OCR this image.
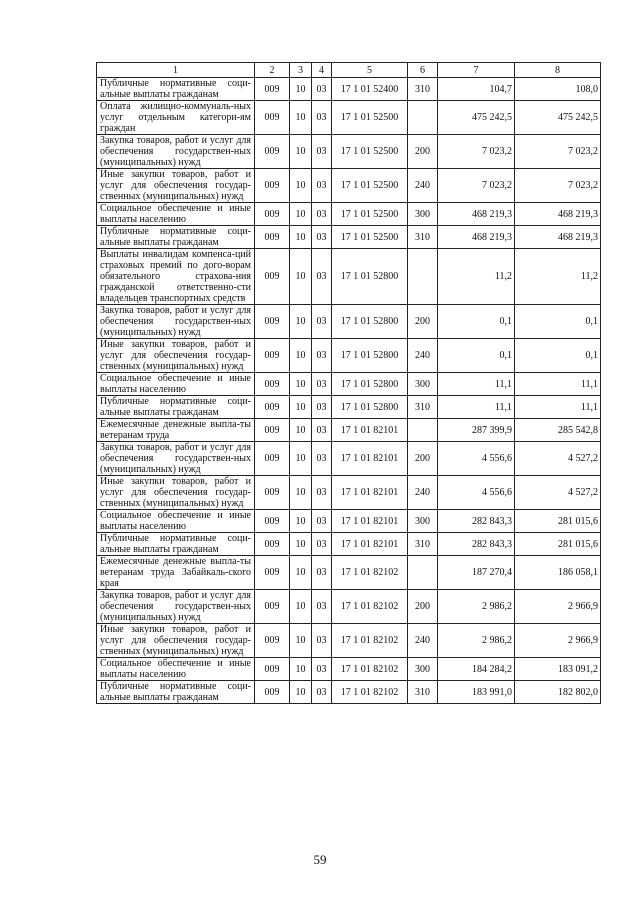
1	2	3	4	5	6	7	8
Публичные нормативные соци-альные выплаты гражданам	009	10	03	17 1 01 52400	310	104,7	108,0
Оплата жилищно-коммуналь-ных услуг отдельным категори-ям граждан	009	10	03	17 1 01 52500		475 242,5	475 242,5
Закупка товаров, работ и услуг для обеспечения государствен-ных (муниципальных) нужд	009	10	03	17 1 01 52500	200	7 023,2	7 023,2
Иные закупки товаров, работ и услуг для обеспечения государ-ственных (муниципальных) нужд	009	10	03	17 1 01 52500	240	7 023,2	7 023,2
Социальное обеспечение и иные выплаты населению	009	10	03	17 1 01 52500	300	468 219,3	468 219,3
Публичные нормативные соци-альные выплаты гражданам	009	10	03	17 1 01 52500	310	468 219,3	468 219,3
Выплаты инвалидам компенса-ций страховых премий по дого-ворам обязательного страхова-ния гражданской ответственно-сти владельцев транспортных средств	009	10	03	17 1 01 52800		11,2	11,2
Закупка товаров, работ и услуг для обеспечения государствен-ных (муниципальных) нужд	009	10	03	17 1 01 52800	200	0,1	0,1
Иные закупки товаров, работ и услуг для обеспечения государ-ственных (муниципальных) нужд	009	10	03	17 1 01 52800	240	0,1	0,1
Социальное обеспечение и иные выплаты населению	009	10	03	17 1 01 52800	300	11,1	11,1
Публичные нормативные соци-альные выплаты гражданам	009	10	03	17 1 01 52800	310	11,1	11,1
Ежемесячные денежные выпла-ты ветеранам труда	009	10	03	17 1 01 82101		287 399,9	285 542,8
Закупка товаров, работ и услуг для обеспечения государствен-ных (муниципальных) нужд	009	10	03	17 1 01 82101	200	4 556,6	4 527,2
Иные закупки товаров, работ и услуг для обеспечения государ-ственных (муниципальных) нужд	009	10	03	17 1 01 82101	240	4 556,6	4 527,2
Социальное обеспечение и иные выплаты населению	009	10	03	17 1 01 82101	300	282 843,3	281 015,6
Публичные нормативные соци-альные выплаты гражданам	009	10	03	17 1 01 82101	310	282 843,3	281 015,6
Ежемесячные денежные выпла-ты ветеранам труда Забайкаль-ского края	009	10	03	17 1 01 82102		187 270,4	186 058,1
Закупка товаров, работ и услуг для обеспечения государствен-ных (муниципальных) нужд	009	10	03	17 1 01 82102	200	2 986,2	2 966,9
Иные закупки товаров, работ и услуг для обеспечения государ-ственных (муниципальных) нужд	009	10	03	17 1 01 82102	240	2 986,2	2 966,9
Социальное обеспечение и иные выплаты населению	009	10	03	17 1 01 82102	300	184 284,2	183 091,2
Публичные нормативные соци-альные выплаты гражданам	009	10	03	17 1 01 82102	310	183 991,0	182 802,0
59
